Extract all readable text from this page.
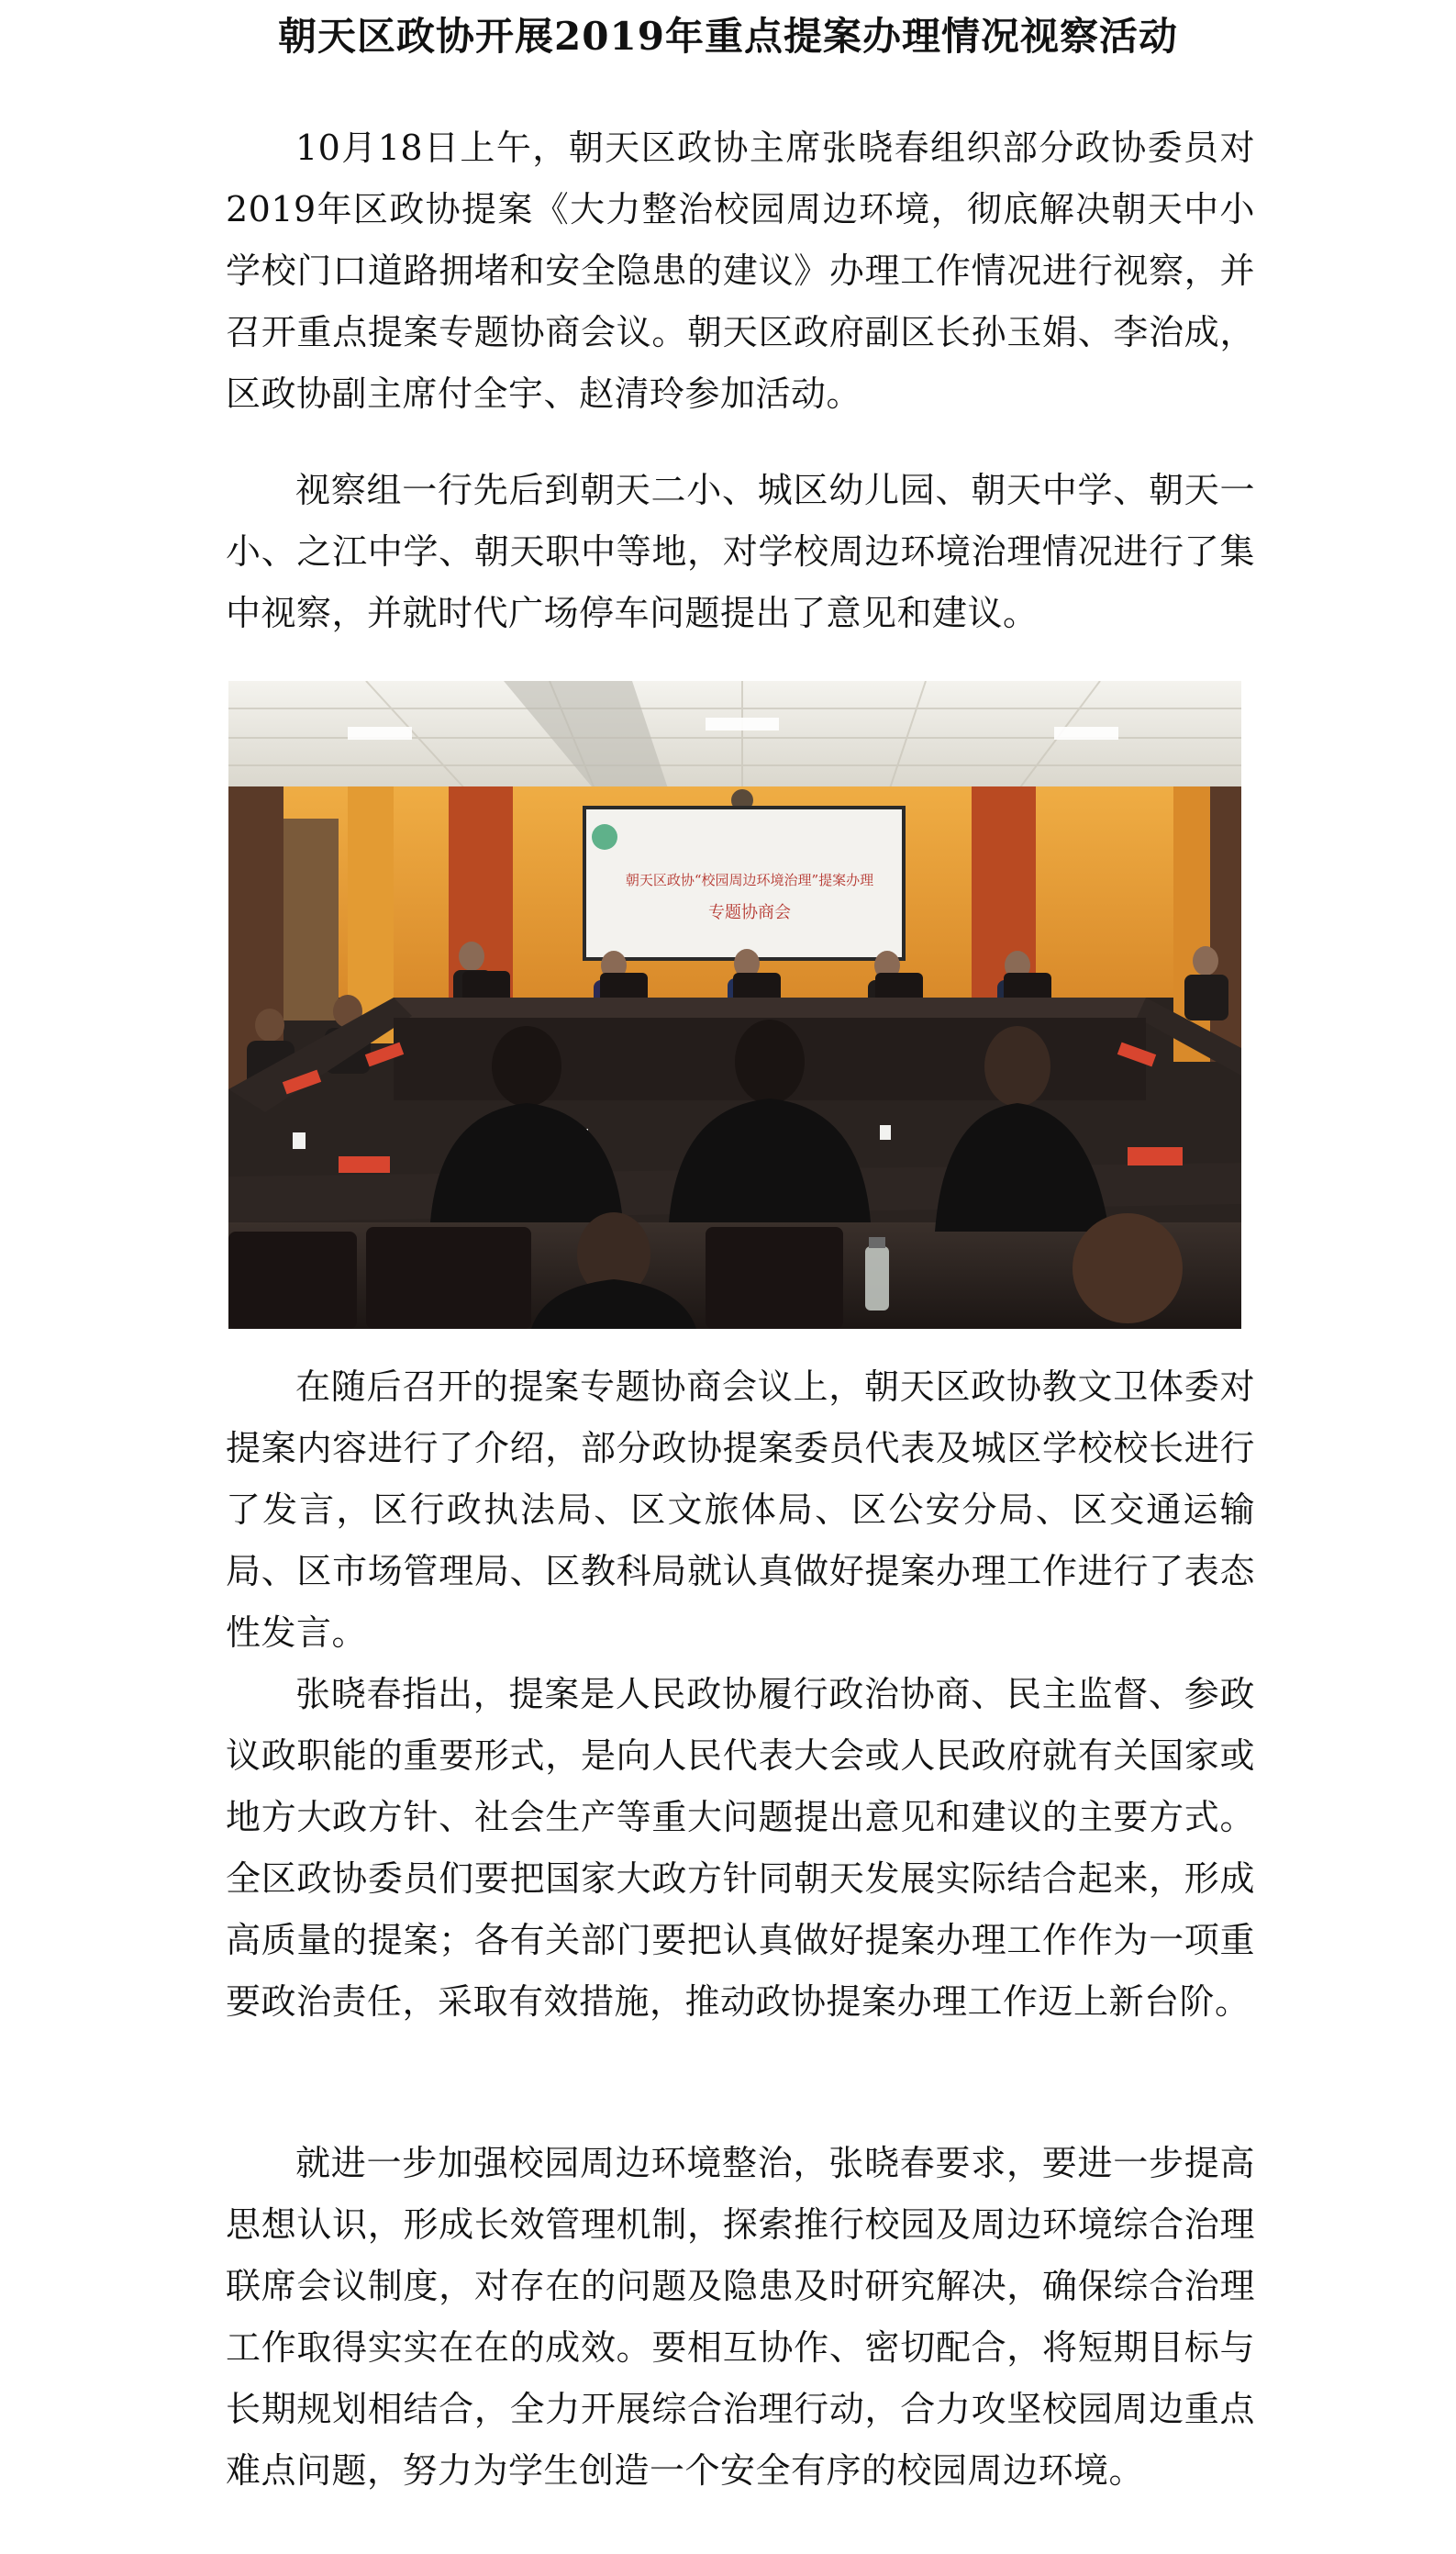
朝天区政协开展2019年重点提案办理情况视察活动

10月18日上午，朝天区政协主席张晓春组织部分政协委员对2019年区政协提案《大力整治校园周边环境，彻底解决朝天中小学校门口道路拥堵和安全隐患的建议》办理工作情况进行视察，并召开重点提案专题协商会议。朝天区政府副区长孙玉娟、李治成，区政协副主席付全宇、赵清玲参加活动。

视察组一行先后到朝天二小、城区幼儿园、朝天中学、朝天一小、之江中学、朝天职中等地，对学校周边环境治理情况进行了集中视察，并就时代广场停车问题提出了意见和建议。

朝天区政协“校园周边环境治理”提案办理
专题协商会

在随后召开的提案专题协商会议上，朝天区政协教文卫体委对提案内容进行了介绍，部分政协提案委员代表及城区学校校长进行了发言，区行政执法局、区文旅体局、区公安分局、区交通运输局、区市场管理局、区教科局就认真做好提案办理工作进行了表态性发言。

张晓春指出，提案是人民政协履行政治协商、民主监督、参政议政职能的重要形式，是向人民代表大会或人民政府就有关国家或地方大政方针、社会生产等重大问题提出意见和建议的主要方式。全区政协委员们要把国家大政方针同朝天发展实际结合起来，形成高质量的提案；各有关部门要把认真做好提案办理工作作为一项重要政治责任，采取有效措施，推动政协提案办理工作迈上新台阶。

就进一步加强校园周边环境整治，张晓春要求，要进一步提高思想认识，形成长效管理机制，探索推行校园及周边环境综合治理联席会议制度，对存在的问题及隐患及时研究解决，确保综合治理工作取得实实在在的成效。要相互协作、密切配合，将短期目标与长期规划相结合，全力开展综合治理行动，合力攻坚校园周边重点难点问题，努力为学生创造一个安全有序的校园周边环境。
